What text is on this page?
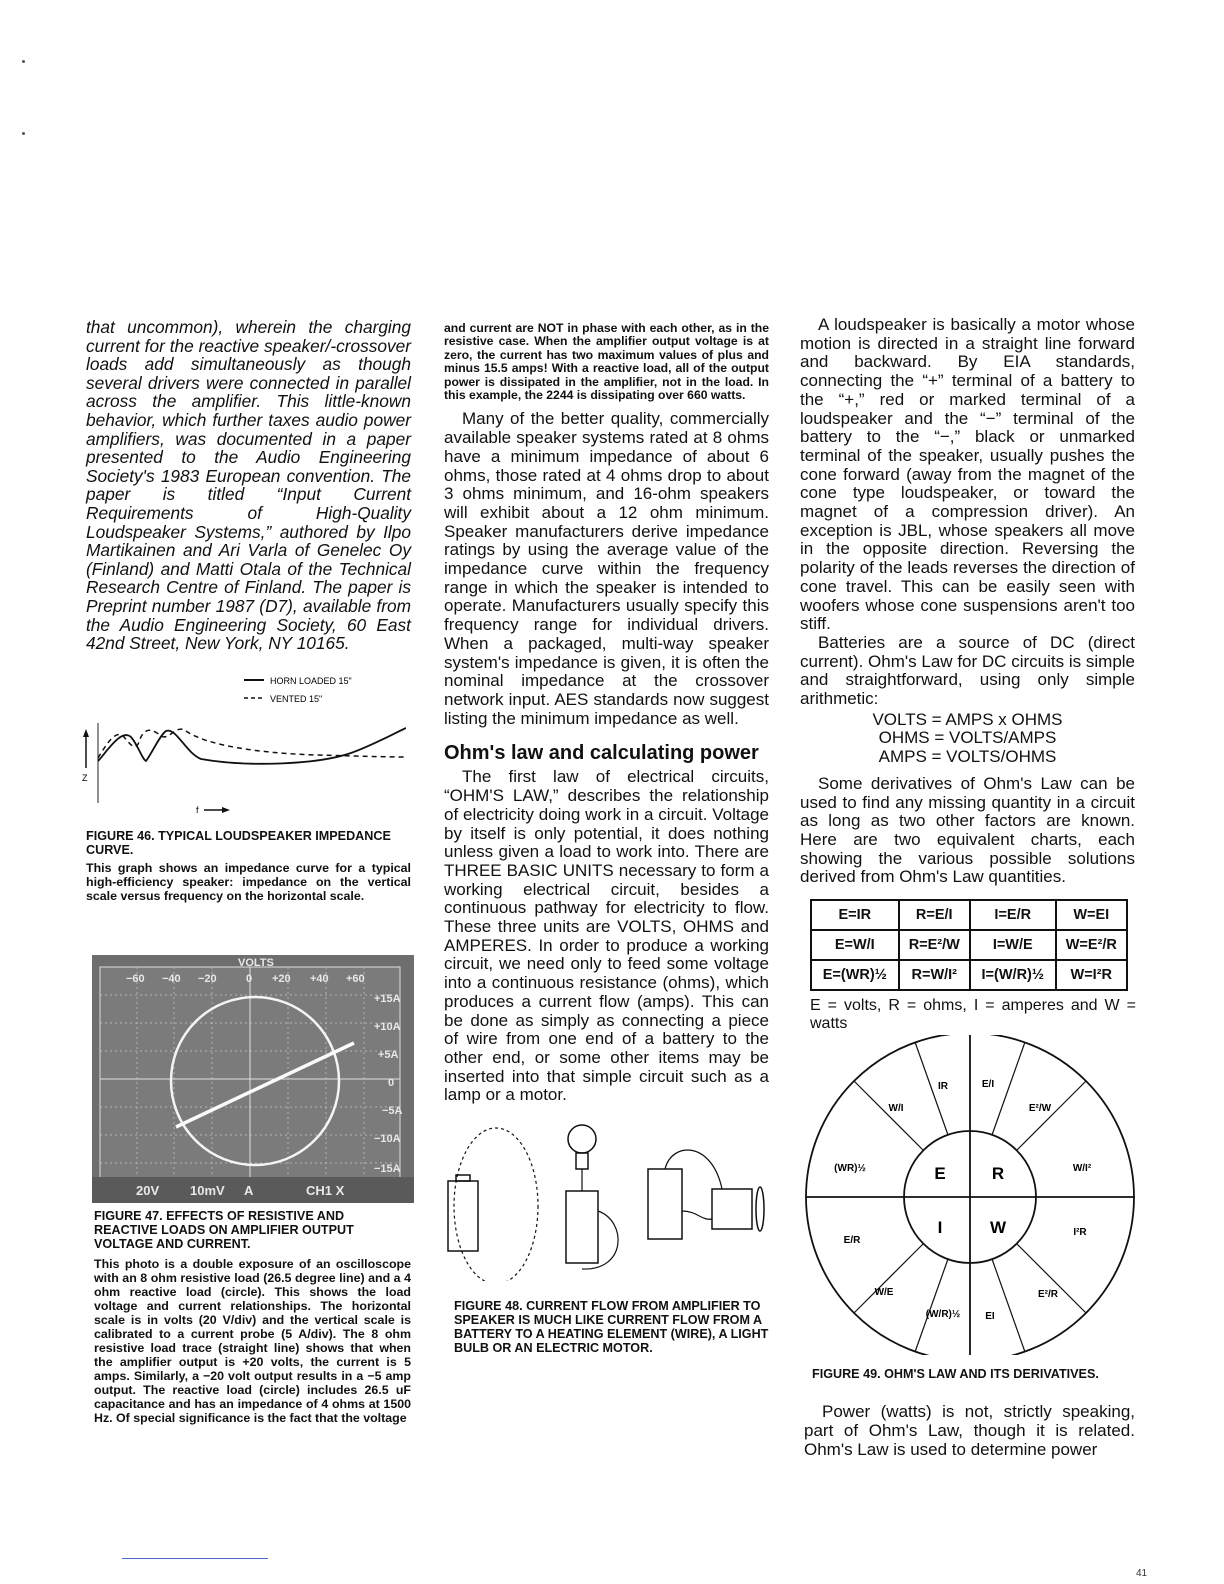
that uncommon), wherein the charging current for the reactive speaker/-crossover loads add simultaneously as though several drivers were connected in parallel across the amplifier. This little-known behavior, which further taxes audio power amplifiers, was documented in a paper presented to the Audio Engineering Society's 1983 European convention. The paper is titled “Input Current Requirements of High-Quality Loudspeaker Systems,” authored by Ilpo Martikainen and Ari Varla of Genelec Oy (Finland) and Matti Otala of the Technical Research Centre of Finland. The paper is Preprint number 1987 (D7), available from the Audio Engineering Society, 60 East 42nd Street, New York, NY 10165.

HORN LOADED 15"
VENTED 15"
Z
f

FIGURE 46. TYPICAL LOUDSPEAKER IMPEDANCE CURVE.

This graph shows an impedance curve for a typical high-efficiency speaker: impedance on the vertical scale versus frequency on the horizontal scale.

VOLTS
−60 −40 −20	0 +20 +40 +60
+15A
+10A
+5A
0
−5A
−10A
−15A
20V 10mV A	CH1 X

FIGURE 47. EFFECTS OF RESISTIVE AND REACTIVE LOADS ON AMPLIFIER OUTPUT VOLTAGE AND CURRENT.

This photo is a double exposure of an oscilloscope with an 8 ohm resistive load (26.5 degree line) and a 4 ohm reactive load (circle). This shows the load voltage and current relationships. The horizontal scale is in volts (20 V/div) and the vertical scale is calibrated to a current probe (5 A/div). The 8 ohm resistive load trace (straight line) shows that when the amplifier output is +20 volts, the current is 5 amps. Similarly, a −20 volt output results in a −5 amp output. The reactive load (circle) includes 26.5 uF capacitance and has an impedance of 4 ohms at 1500 Hz. Of special significance is the fact that the voltage

and current are NOT in phase with each other, as in the resistive case. When the amplifier output voltage is at zero, the current has two maximum values of plus and minus 15.5 amps! With a reactive load, all of the output power is dissipated in the amplifier, not in the load. In this example, the 2244 is dissipating over 660 watts.

Many of the better quality, commercially available speaker systems rated at 8 ohms have a minimum impedance of about 6 ohms, those rated at 4 ohms drop to about 3 ohms minimum, and 16-ohm speakers will exhibit about a 12 ohm minimum. Speaker manufacturers derive impedance ratings by using the average value of the impedance curve within the frequency range in which the speaker is intended to operate. Manufacturers usually specify this frequency range for individual drivers. When a packaged, multi-way speaker system's impedance is given, it is often the nominal impedance at the crossover network input. AES standards now suggest listing the minimum impedance as well.

Ohm's law and calculating power

The first law of electrical circuits, “OHM'S LAW,” describes the relationship of electricity doing work in a circuit. Voltage by itself is only potential, it does nothing unless given a load to work into. There are THREE BASIC UNITS necessary to form a working electrical circuit, besides a continuous pathway for electricity to flow. These three units are VOLTS, OHMS and AMPERES. In order to produce a working circuit, we need only to feed some voltage into a continuous resistance (ohms), which produces a current flow (amps). This can be done as simply as connecting a piece of wire from one end of a battery to the other end, or some other items may be inserted into that simple circuit such as a lamp or a motor.

FIGURE 48. CURRENT FLOW FROM AMPLIFIER TO SPEAKER IS MUCH LIKE CURRENT FLOW FROM A BATTERY TO A HEATING ELEMENT (WIRE), A LIGHT BULB OR AN ELECTRIC MOTOR.

A loudspeaker is basically a motor whose motion is directed in a straight line forward and backward. By EIA standards, connecting the “+” terminal of a battery to the “+,” red or marked terminal of a loudspeaker and the “−” terminal of the battery to the “−,” black or unmarked terminal of the speaker, usually pushes the cone forward (away from the magnet of the cone type loudspeaker, or toward the magnet of a compression driver). An exception is JBL, whose speakers all move in the opposite direction. Reversing the polarity of the leads reverses the direction of cone travel. This can be easily seen with woofers whose cone suspensions aren't too stiff.

Batteries are a source of DC (direct current). Ohm's Law for DC circuits is simple and straightforward, using only simple arithmetic:

VOLTS = AMPS x OHMS
OHMS = VOLTS/AMPS
AMPS = VOLTS/OHMS

Some derivatives of Ohm's Law can be used to find any missing quantity in a circuit as long as two other factors are known. Here are two equivalent charts, each showing the various possible solutions derived from Ohm's Law quantities.

E=IR	R=E/I	I=E/R	W=EI
E=W/I	R=E²/W	I=W/E	W=E²/R
E=(WR)½	R=W/I²	I=(W/R)½	W=I²R

E = volts, R = ohms, I = amperes and W = watts

E	R
I	W
IR	E/I
W/I	E²/W
(WR)½	W/I²
E/R
I²R
W/E	E²/R
(W/R)½	EI

FIGURE 49. OHM'S LAW AND ITS DERIVATIVES.

Power (watts) is not, strictly speaking, part of Ohm's Law, though it is related. Ohm's Law is used to determine power

41
